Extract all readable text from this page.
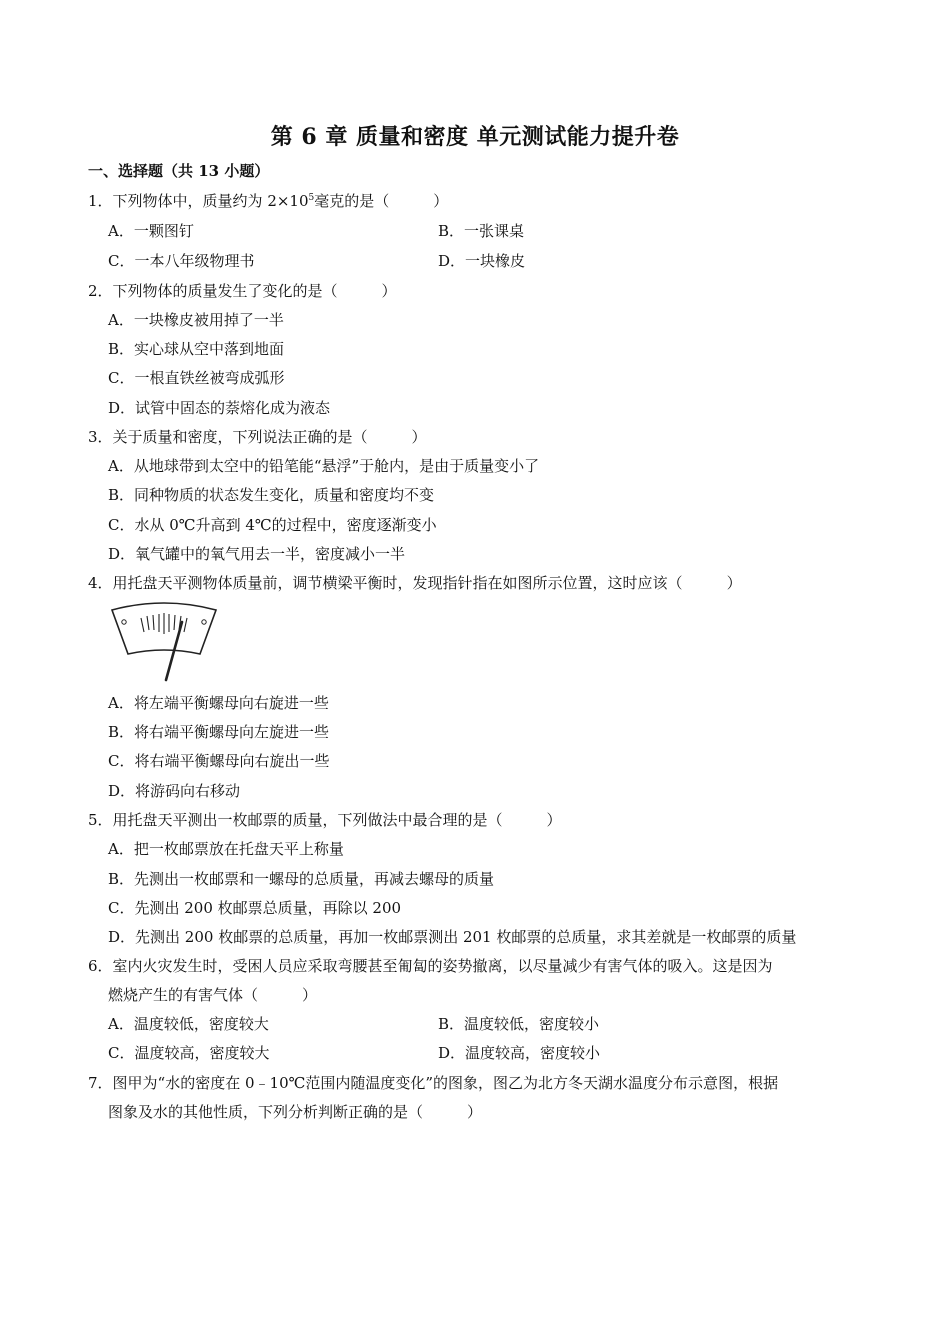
第 6 章 质量和密度 单元测试能力提升卷
一、选择题（共 13 小题）
1．下列物体中，质量约为 $2\times 10^5$毫克的是（	）
A．一颗图钉	B．一张课桌
C．一本八年级物理书	D．一块橡皮
2．下列物体的质量发生了变化的是（	）
A．一块橡皮被用掉了一半
B．实心球从空中落到地面
C．一根直铁丝被弯成弧形
D．试管中固态的萘熔化成为液态
3．关于质量和密度，下列说法正确的是（	）
A．从地球带到太空中的铅笔能“悬浮”于舱内，是由于质量变小了
B．同种物质的状态发生变化，质量和密度均不变
C．水从 0℃升高到 4℃的过程中，密度逐渐变小
D．氧气罐中的氧气用去一半，密度减小一半
4．用托盘天平测物体质量前，调节横梁平衡时，发现指针指在如图所示位置，这时应该（	）
A．将左端平衡螺母向右旋进一些
B．将右端平衡螺母向左旋进一些
C．将右端平衡螺母向右旋出一些
D．将游码向右移动
5．用托盘天平测出一枚邮票的质量，下列做法中最合理的是（	）
A．把一枚邮票放在托盘天平上称量
B．先测出一枚邮票和一螺母的总质量，再减去螺母的质量
C．先测出 200 枚邮票总质量，再除以 200
D．先测出 200 枚邮票的总质量，再加一枚邮票测出 201 枚邮票的总质量，求其差就是一枚邮票的质量
6．室内火灾发生时，受困人员应采取弯腰甚至匍匐的姿势撤离，以尽量减少有害气体的吸入。这是因为
燃烧产生的有害气体（	）
A．温度较低，密度较大	B．温度较低，密度较小
C．温度较高，密度较大	D．温度较高，密度较小
7．图甲为“水的密度在 0﹣10℃范围内随温度变化”的图象，图乙为北方冬天湖水温度分布示意图，根据
图象及水的其他性质，下列分析判断正确的是（	）
